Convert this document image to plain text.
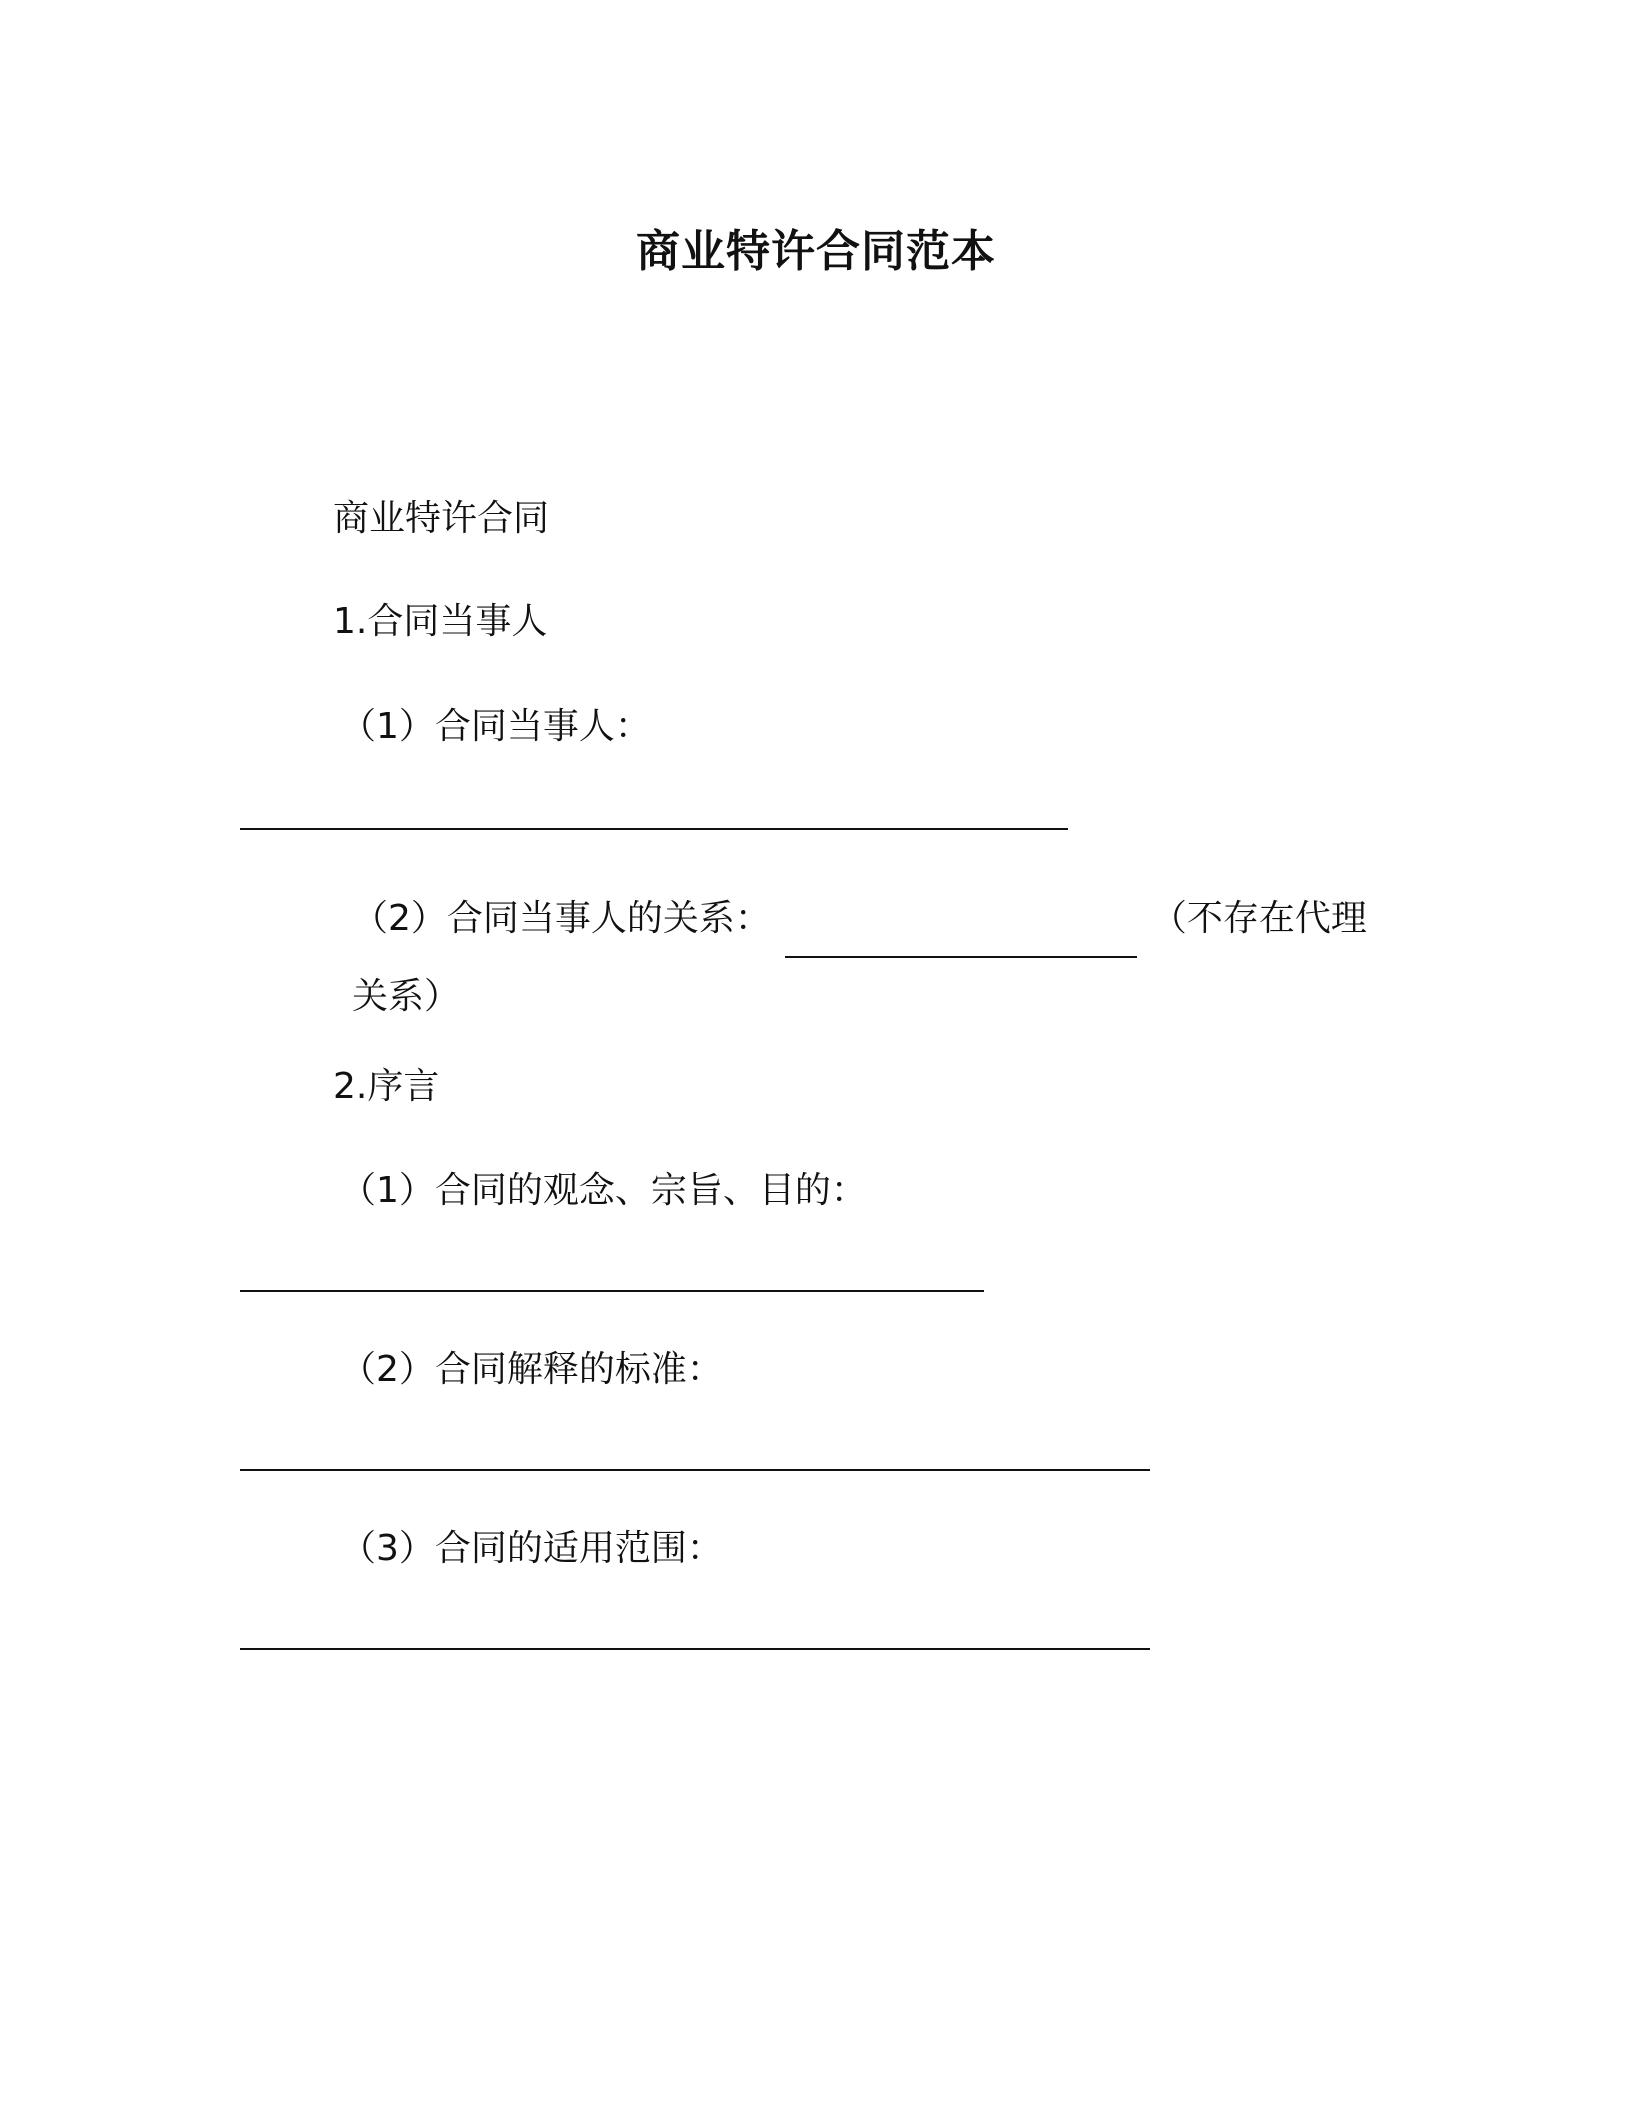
商业特许合同范本
商业特许合同
1.合同当事人
（1）合同当事人：
（2）合同当事人的关系：	（不存在代理关系）
2.序言
（1）合同的观念、宗旨、目的：
（2）合同解释的标准：
（3）合同的适用范围：
